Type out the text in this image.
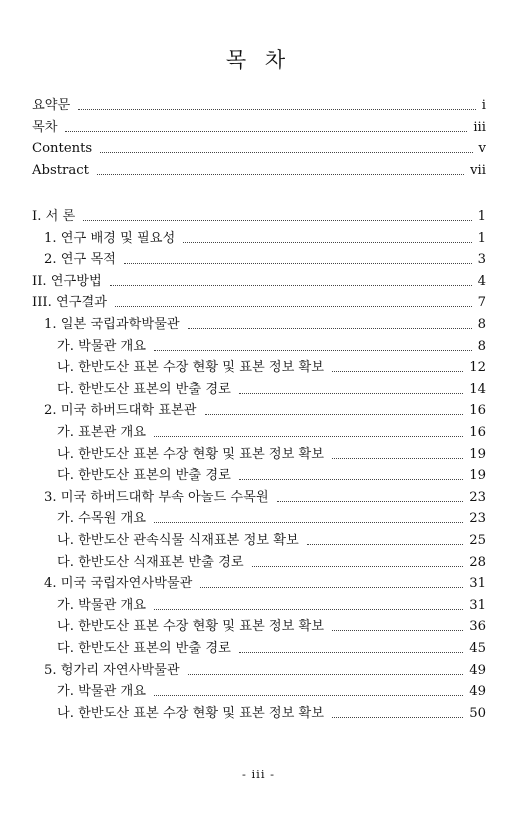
목 차
요약문	i
목차	iii
Contents	v
Abstract	vii
I. 서 론	1
1. 연구 배경 및 필요성	1
2. 연구 목적	3
II. 연구방법	4
III. 연구결과	7
1. 일본 국립과학박물관	8
가. 박물관 개요	8
나. 한반도산 표본 수장 현황 및 표본 정보 확보	12
다. 한반도산 표본의 반출 경로	14
2. 미국 하버드대학 표본관	16
가. 표본관 개요	16
나. 한반도산 표본 수장 현황 및 표본 정보 확보	19
다. 한반도산 표본의 반출 경로	19
3. 미국 하버드대학 부속 아놀드 수목원	23
가. 수목원 개요	23
나. 한반도산 관속식물 식재표본 정보 확보	25
다. 한반도산 식재표본 반출 경로	28
4. 미국 국립자연사박물관	31
가. 박물관 개요	31
나. 한반도산 표본 수장 현황 및 표본 정보 확보	36
다. 한반도산 표본의 반출 경로	45
5. 헝가리 자연사박물관	49
가. 박물관 개요	49
나. 한반도산 표본 수장 현황 및 표본 정보 확보	50
- iii -
